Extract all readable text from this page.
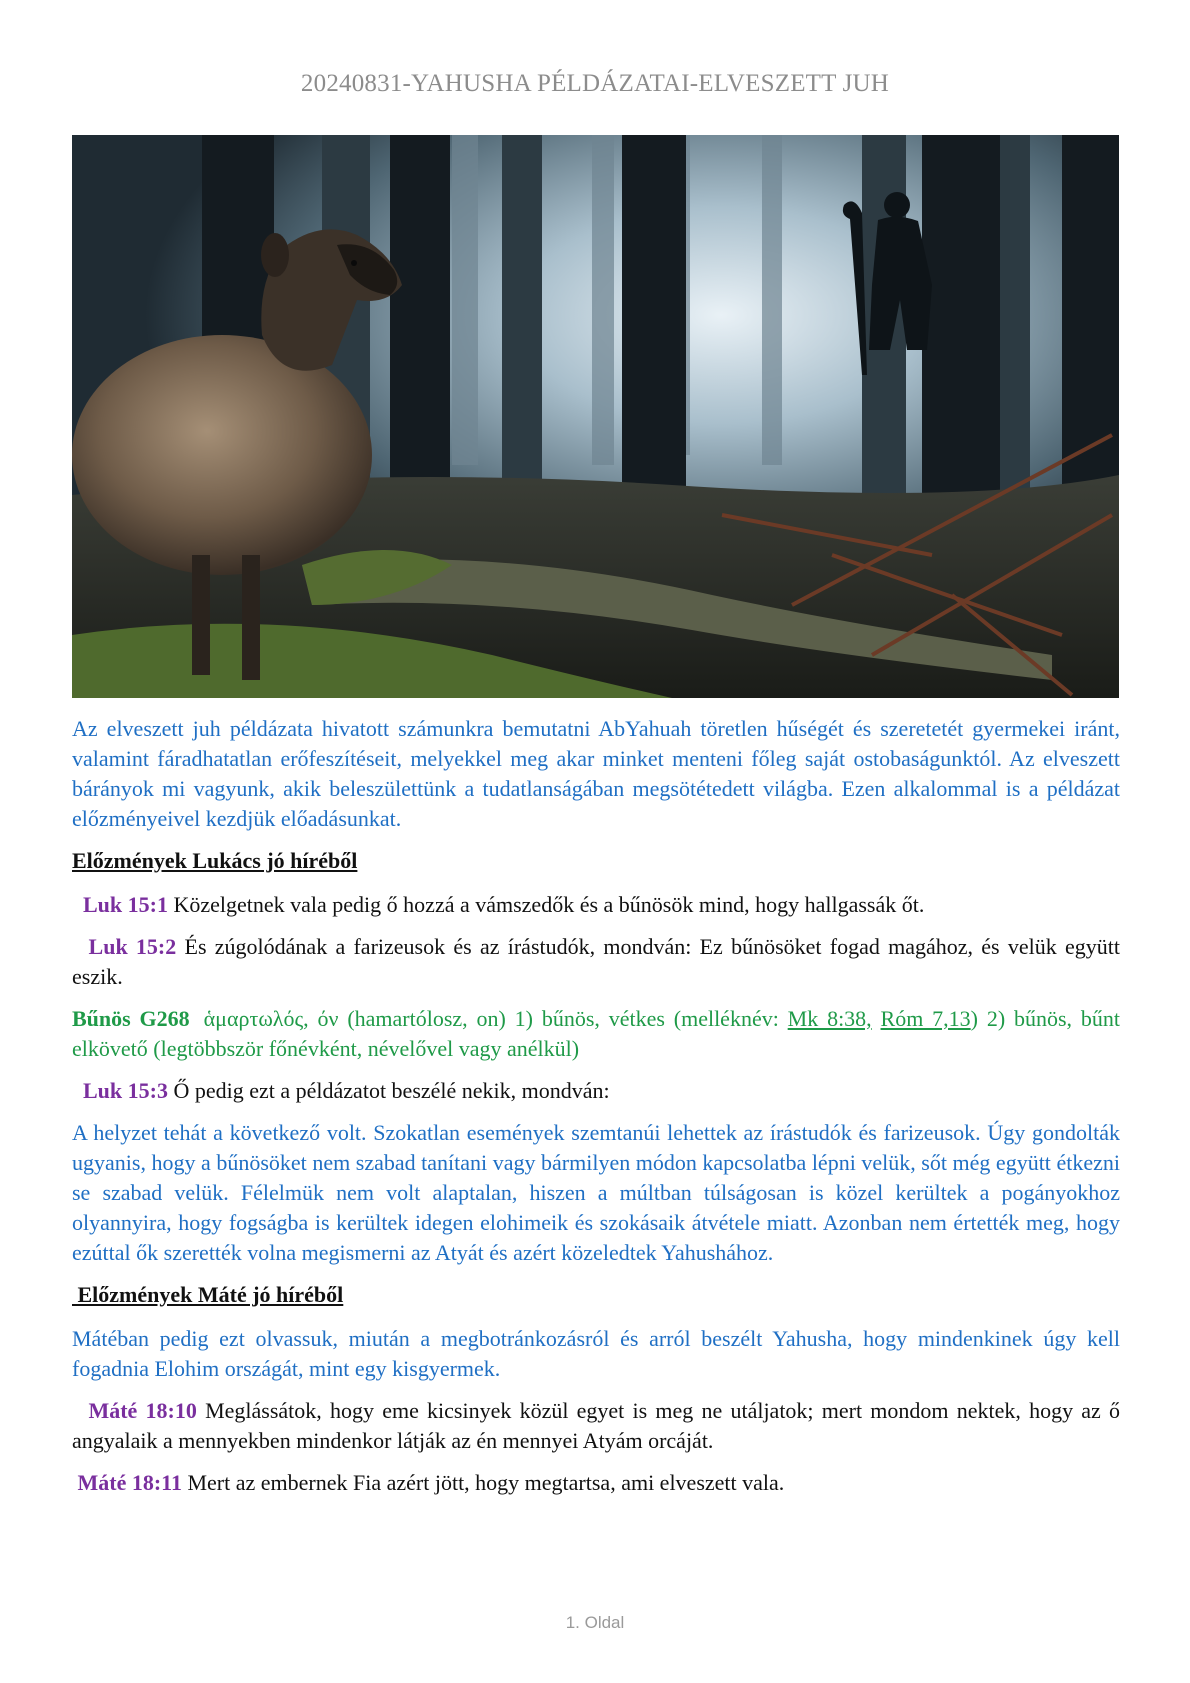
20240831-YAHUSHA PÉLDÁZATAI-ELVESZETT JUH

Az elveszett juh példázata hivatott számunkra bemutatni AbYahuah töretlen hűségét és szeretetét gyermekei iránt, valamint fáradhatatlan erőfeszítéseit, melyekkel meg akar minket menteni főleg saját ostobaságunktól. Az elveszett bárányok mi vagyunk, akik beleszülettünk a tudatlanságában megsötétedett világba. Ezen alkalommal is a példázat előzményeivel kezdjük előadásunkat.

Előzmények Lukács jó híréből

Luk 15:1 Közelgetnek vala pedig ő hozzá a vámszedők és a bűnösök mind, hogy hallgassák őt.

Luk 15:2 És zúgolódának a farizeusok és az írástudók, mondván: Ez bűnösöket fogad magához, és velük együtt eszik.

Bűnös G268 ἁμαρτωλός, όν (hamartólosz, on) 1) bűnös, vétkes (melléknév: Mk 8:38, Róm 7,13) 2) bűnös, bűnt elkövető (legtöbbször főnévként, névelővel vagy anélkül)

Luk 15:3 Ő pedig ezt a példázatot beszélé nekik, mondván:

A helyzet tehát a következő volt. Szokatlan események szemtanúi lehettek az írástudók és farizeusok. Úgy gondolták ugyanis, hogy a bűnösöket nem szabad tanítani vagy bármilyen módon kapcsolatba lépni velük, sőt még együtt étkezni se szabad velük. Félelmük nem volt alaptalan, hiszen a múltban túlságosan is közel kerültek a pogányokhoz olyannyira, hogy fogságba is kerültek idegen elohimeik és szokásaik átvétele miatt. Azonban nem értették meg, hogy ezúttal ők szerették volna megismerni az Atyát és azért közeledtek Yahushához.

Előzmények Máté jó híréből

Mátéban pedig ezt olvassuk, miután a megbotránkozásról és arról beszélt Yahusha, hogy mindenkinek úgy kell fogadnia Elohim országát, mint egy kisgyermek.

Máté 18:10 Meglássátok, hogy eme kicsinyek közül egyet is meg ne utáljatok; mert mondom nektek, hogy az ő angyalaik a mennyekben mindenkor látják az én mennyei Atyám orcáját.

Máté 18:11 Mert az embernek Fia azért jött, hogy megtartsa, ami elveszett vala.

1. Oldal
